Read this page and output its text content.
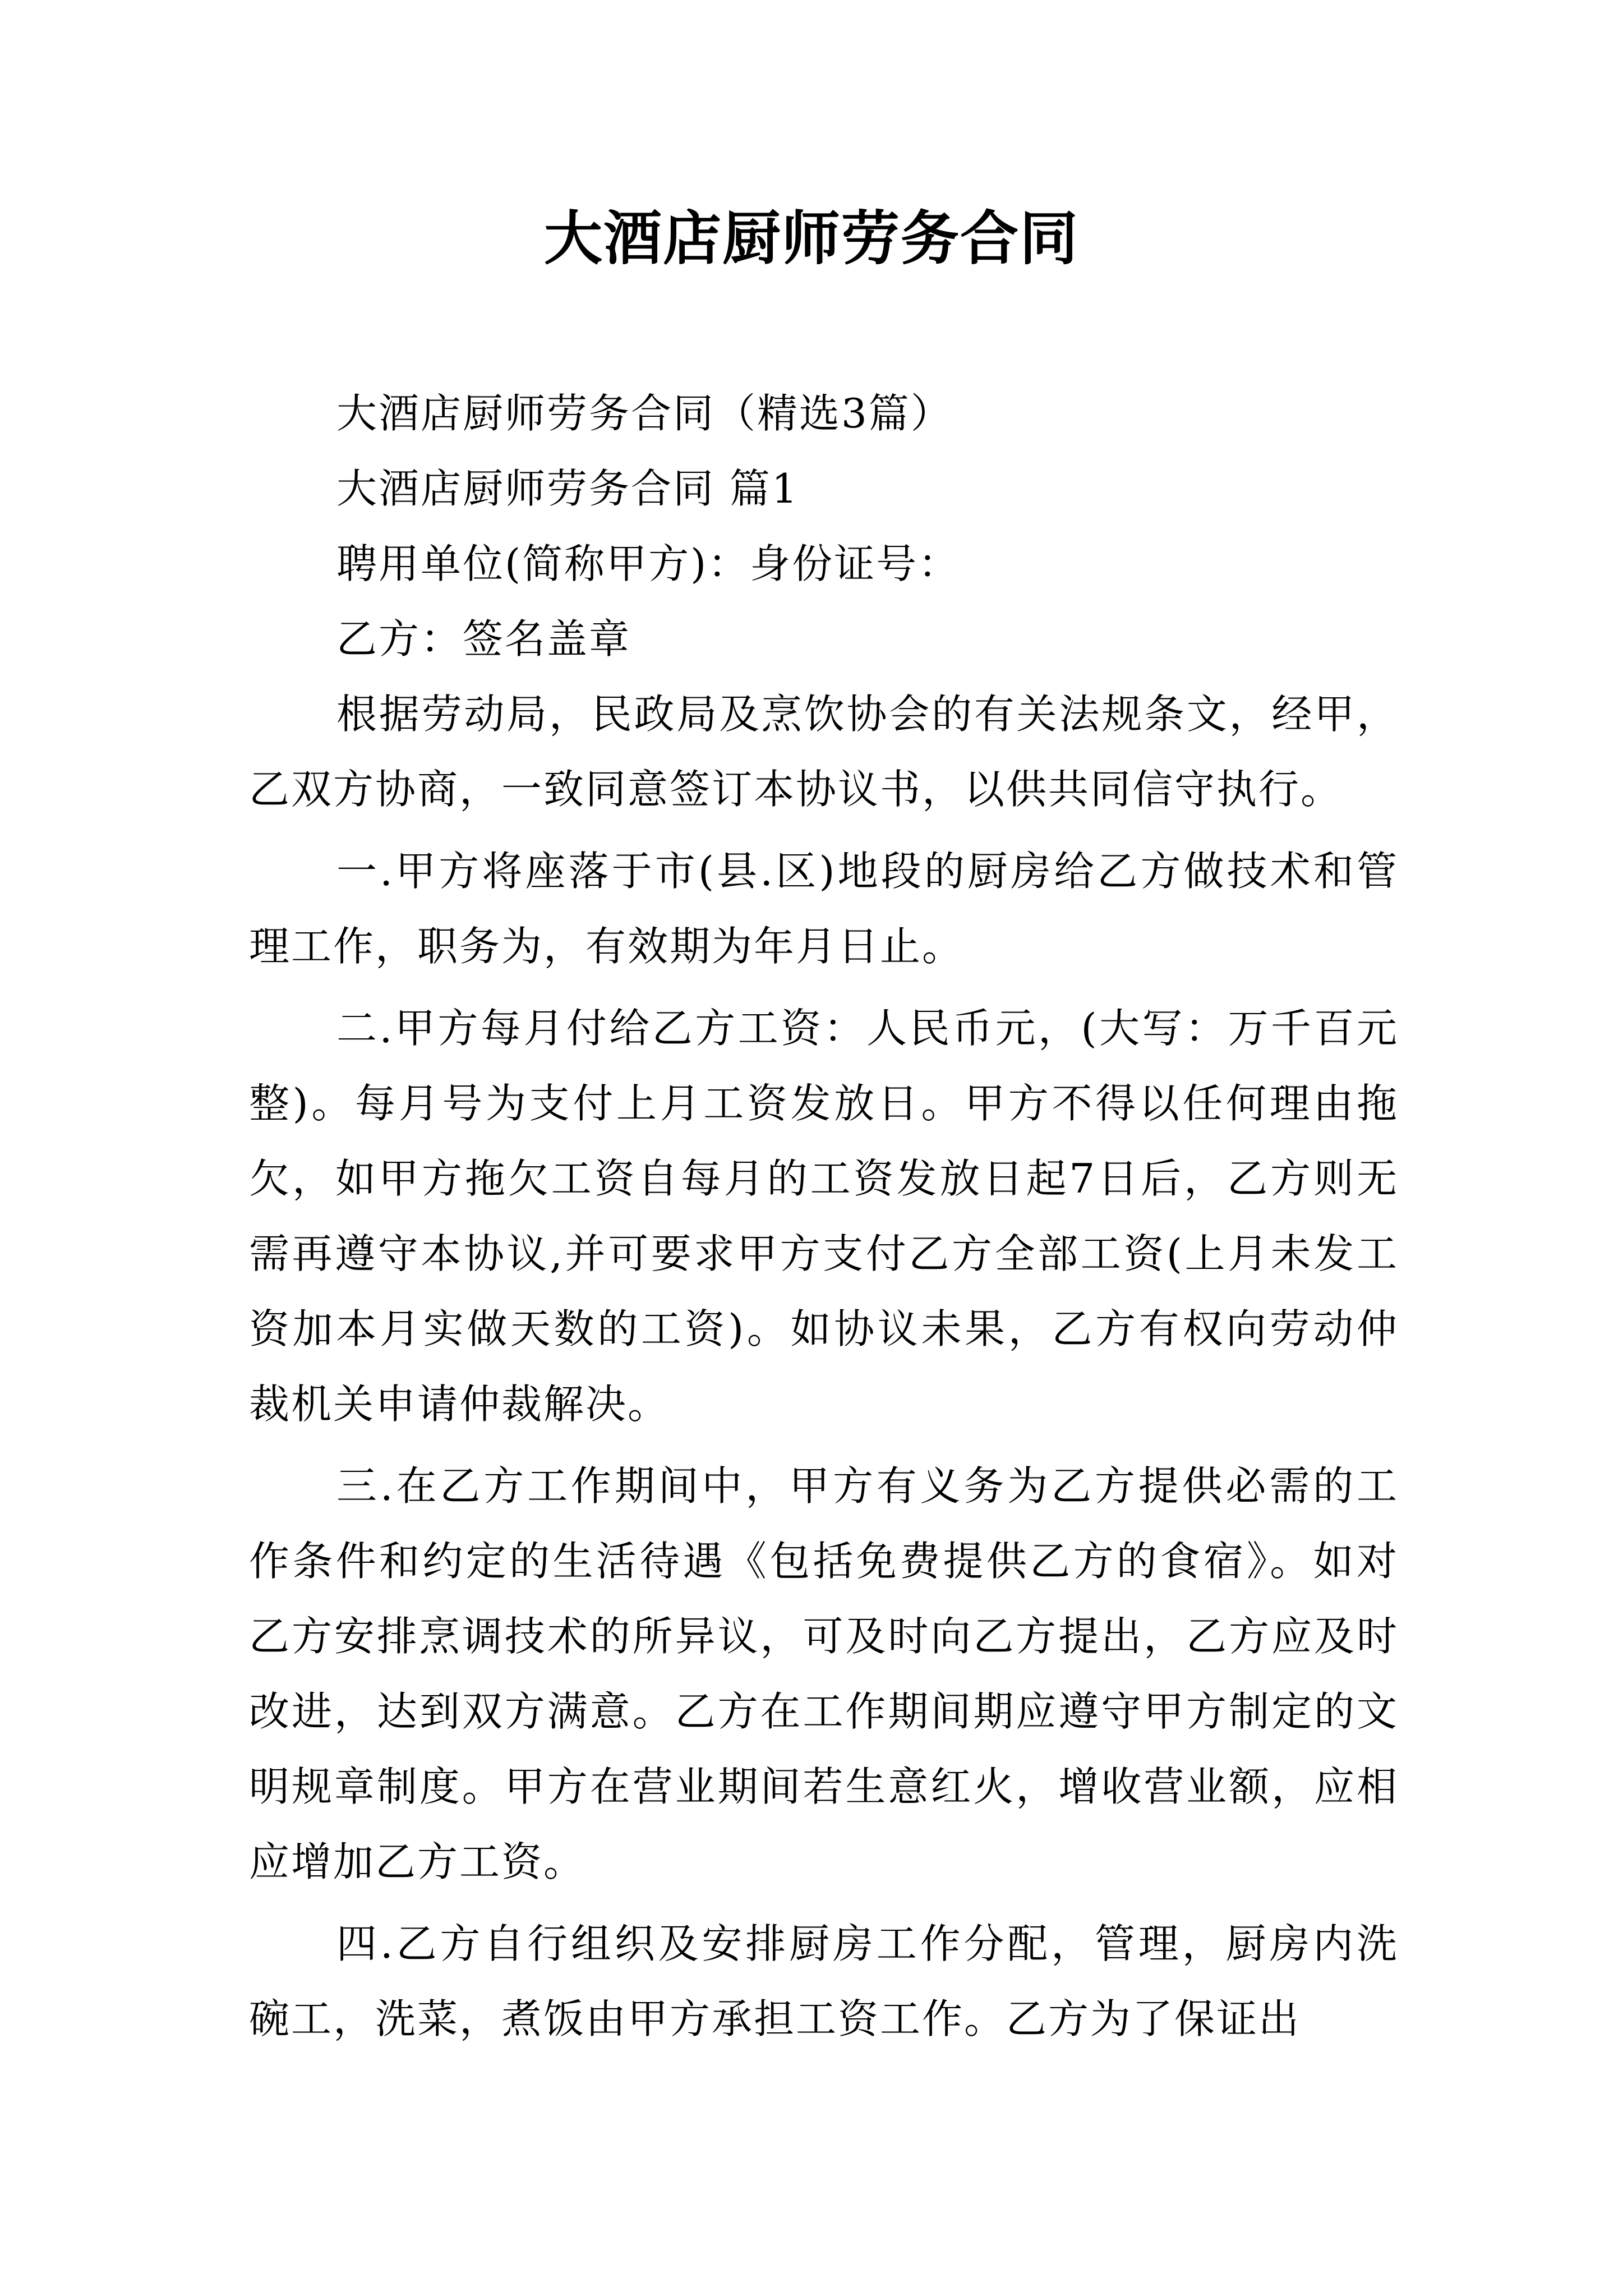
大酒店厨师劳务合同

大酒店厨师劳务合同（精选3篇）

大酒店厨师劳务合同 篇1

聘用单位(简称甲方)：身份证号：

乙方：签名盖章

根据劳动局，民政局及烹饮协会的有关法规条文，经甲，乙双方协商，一致同意签订本协议书，以供共同信守执行。

一.甲方将座落于市(县.区)地段的厨房给乙方做技术和管理工作，职务为，有效期为年月日止。

二.甲方每月付给乙方工资：人民币元，(大写：万千百元整)。每月号为支付上月工资发放日。甲方不得以任何理由拖欠，如甲方拖欠工资自每月的工资发放日起7日后，乙方则无需再遵守本协议,并可要求甲方支付乙方全部工资(上月未发工资加本月实做天数的工资)。如协议未果，乙方有权向劳动仲裁机关申请仲裁解决。

三.在乙方工作期间中，甲方有义务为乙方提供必需的工作条件和约定的生活待遇《包括免费提供乙方的食宿》。如对乙方安排烹调技术的所异议，可及时向乙方提出，乙方应及时改进，达到双方满意。乙方在工作期间期应遵守甲方制定的文明规章制度。甲方在营业期间若生意红火，增收营业额，应相应增加乙方工资。

四.乙方自行组织及安排厨房工作分配，管理，厨房内洗碗工，洗菜，煮饭由甲方承担工资工作。乙方为了保证出
